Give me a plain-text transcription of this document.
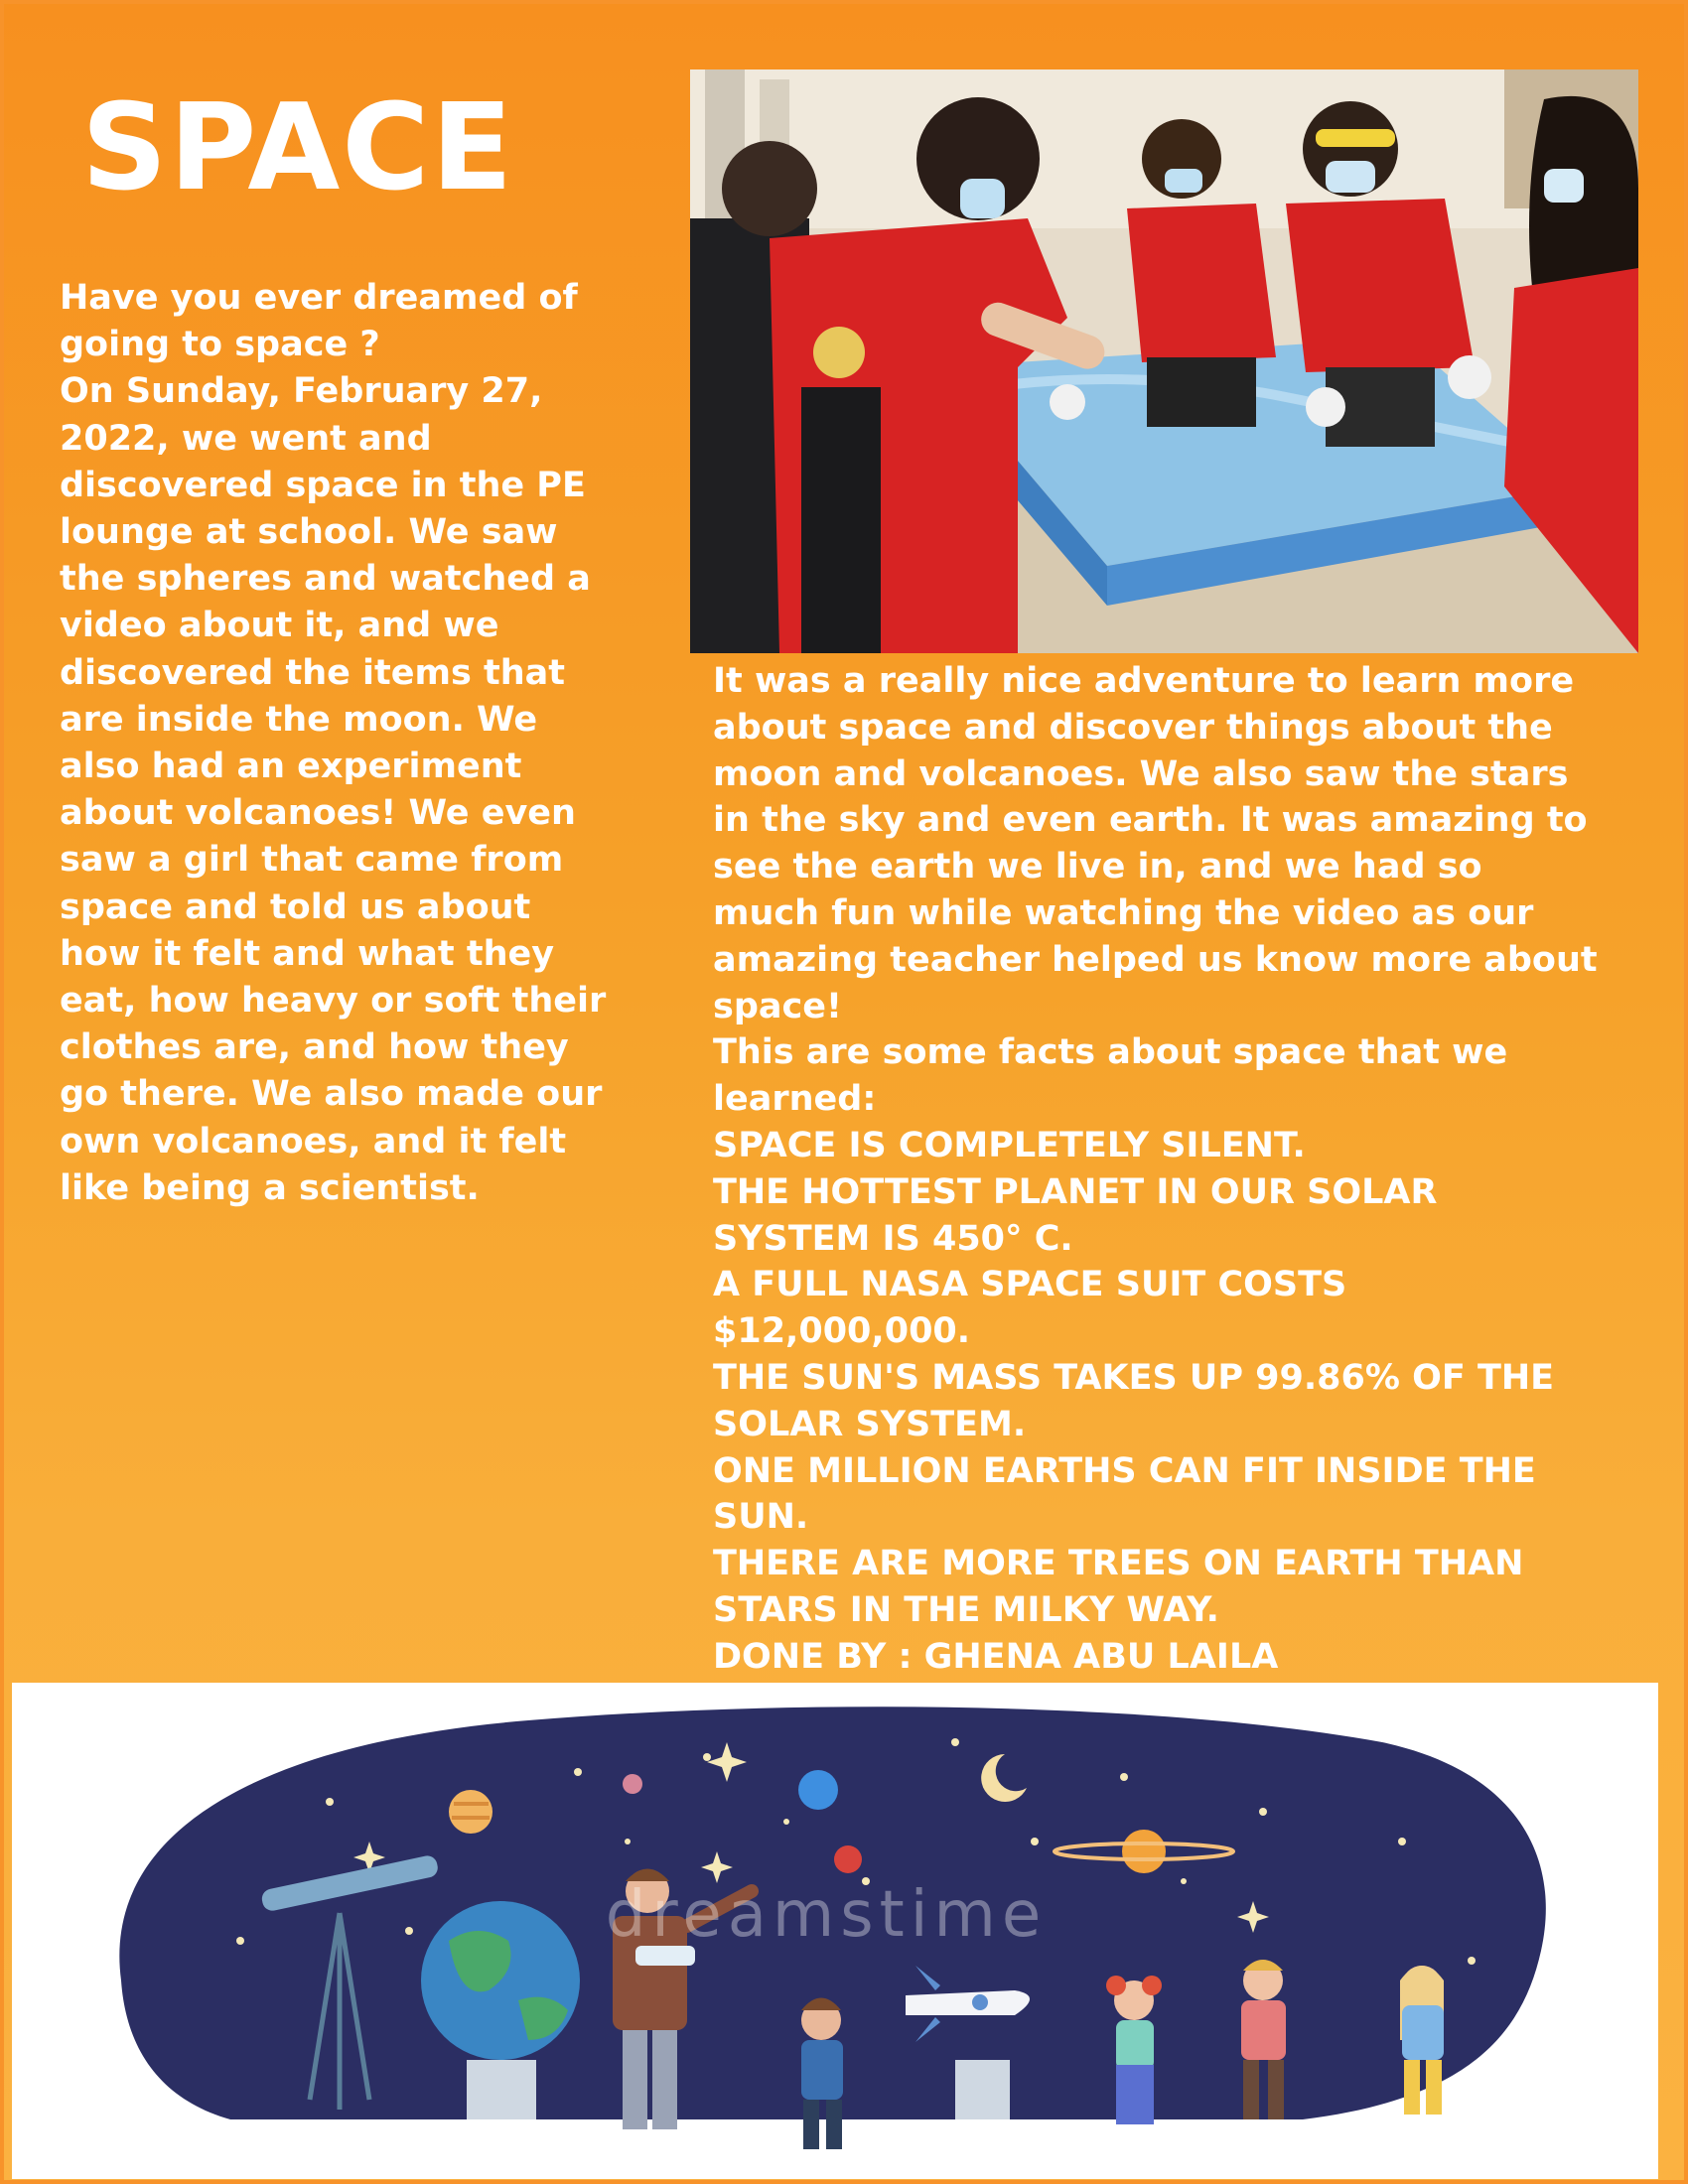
SPACE
Have you ever dreamed of
going to space ?
On Sunday, February 27,
2022, we went and
discovered space in the PE
lounge at school. We saw
the spheres and watched a
video about it, and we
discovered the items that
are inside the moon. We
also had an experiment
about volcanoes! We even
saw a girl that came from
space and told us about
how it felt and what they
eat, how heavy or soft their
clothes are, and how they
go there. We also made our
own volcanoes, and it felt
like being a scientist.
It was a really nice adventure to learn more
about space and discover things about the
moon and volcanoes. We also saw the stars
in the sky and even earth. It was amazing to
see the earth we live in, and we had so
much fun while watching the video as our
amazing teacher helped us know more about
space!
This are some facts about space that we
learned:
SPACE IS COMPLETELY SILENT.
THE HOTTEST PLANET IN OUR SOLAR
SYSTEM IS 450° C.
A FULL NASA SPACE SUIT COSTS
$12,000,000.
THE SUN'S MASS TAKES UP 99.86% OF THE
SOLAR SYSTEM.
ONE MILLION EARTHS CAN FIT INSIDE THE
SUN.
THERE ARE MORE TREES ON EARTH THAN
STARS IN THE MILKY WAY.
DONE BY : GHENA ABU LAILA
dreamstime
